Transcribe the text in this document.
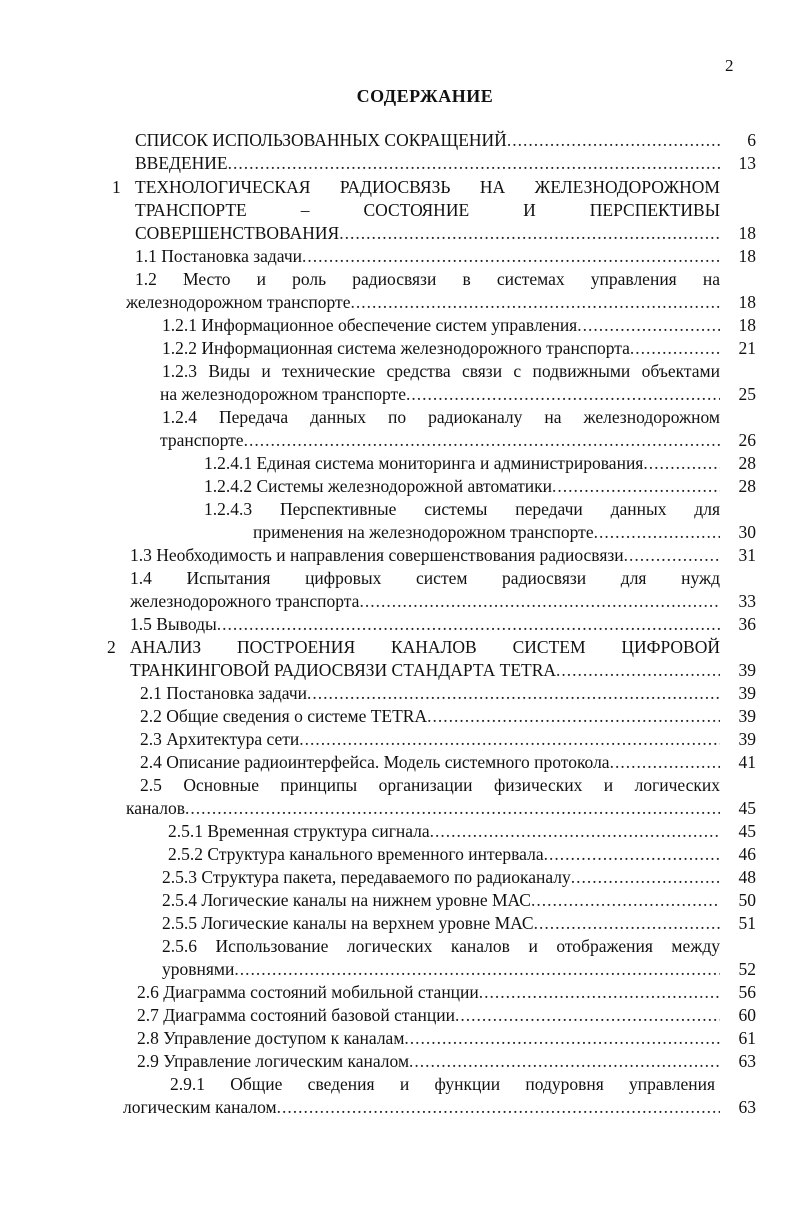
2
СОДЕРЖАНИЕ
СПИСОК ИСПОЛЬЗОВАННЫХ СОКРАЩЕНИЙ .....	6
ВВЕДЕНИЕ .....	13
1 ТЕХНОЛОГИЧЕСКАЯ РАДИОСВЯЗЬ НА ЖЕЛЕЗНОДОРОЖНОМ
ТРАНСПОРТЕ – СОСТОЯНИЕ И ПЕРСПЕКТИВЫ
СОВЕРШЕНСТВОВАНИЯ .....	18
1.1 Постановка задачи .....	18
1.2 Место и роль радиосвязи в системах управления на
железнодорожном транспорте .....	18
1.2.1 Информационное обеспечение систем управления .....	18
1.2.2 Информационная система железнодорожного транспорта .....	21
1.2.3 Виды и технические средства связи с подвижными объектами
на железнодорожном транспорте .....	25
1.2.4 Передача данных по радиоканалу на железнодорожном
транспорте .....	26
1.2.4.1 Единая система мониторинга и администрирования .....	28
1.2.4.2 Системы железнодорожной автоматики .....	28
1.2.4.3 Перспективные системы передачи данных для
применения на железнодорожном транспорте .....	30
1.3 Необходимость и направления совершенствования радиосвязи .....	31
1.4 Испытания цифровых систем радиосвязи для нужд
железнодорожного транспорта .....	33
1.5 Выводы .....	36
2 АНАЛИЗ ПОСТРОЕНИЯ КАНАЛОВ СИСТЕМ ЦИФРОВОЙ
ТРАНКИНГОВОЙ РАДИОСВЯЗИ СТАНДАРТА TETRA .....	39
2.1 Постановка задачи .....	39
2.2 Общие сведения о системе TETRA .....	39
2.3 Архитектура сети .....	39
2.4 Описание радиоинтерфейса. Модель системного протокола .....	41
2.5 Основные принципы организации физических и логических
каналов .....	45
2.5.1 Временная структура сигнала .....	45
2.5.2 Структура канального временного интервала .....	46
2.5.3 Структура пакета, передаваемого по радиоканалу .....	48
2.5.4 Логические каналы на нижнем уровне МАС .....	50
2.5.5 Логические каналы на верхнем уровне МАС .....	51
2.5.6 Использование логических каналов и отображения между
уровнями .....	52
2.6 Диаграмма состояний мобильной станции .....	56
2.7 Диаграмма состояний базовой станции .....	60
2.8 Управление доступом к каналам .....	61
2.9 Управление логическим каналом .....	63
2.9.1 Общие сведения и функции подуровня управления
логическим каналом .....	63
